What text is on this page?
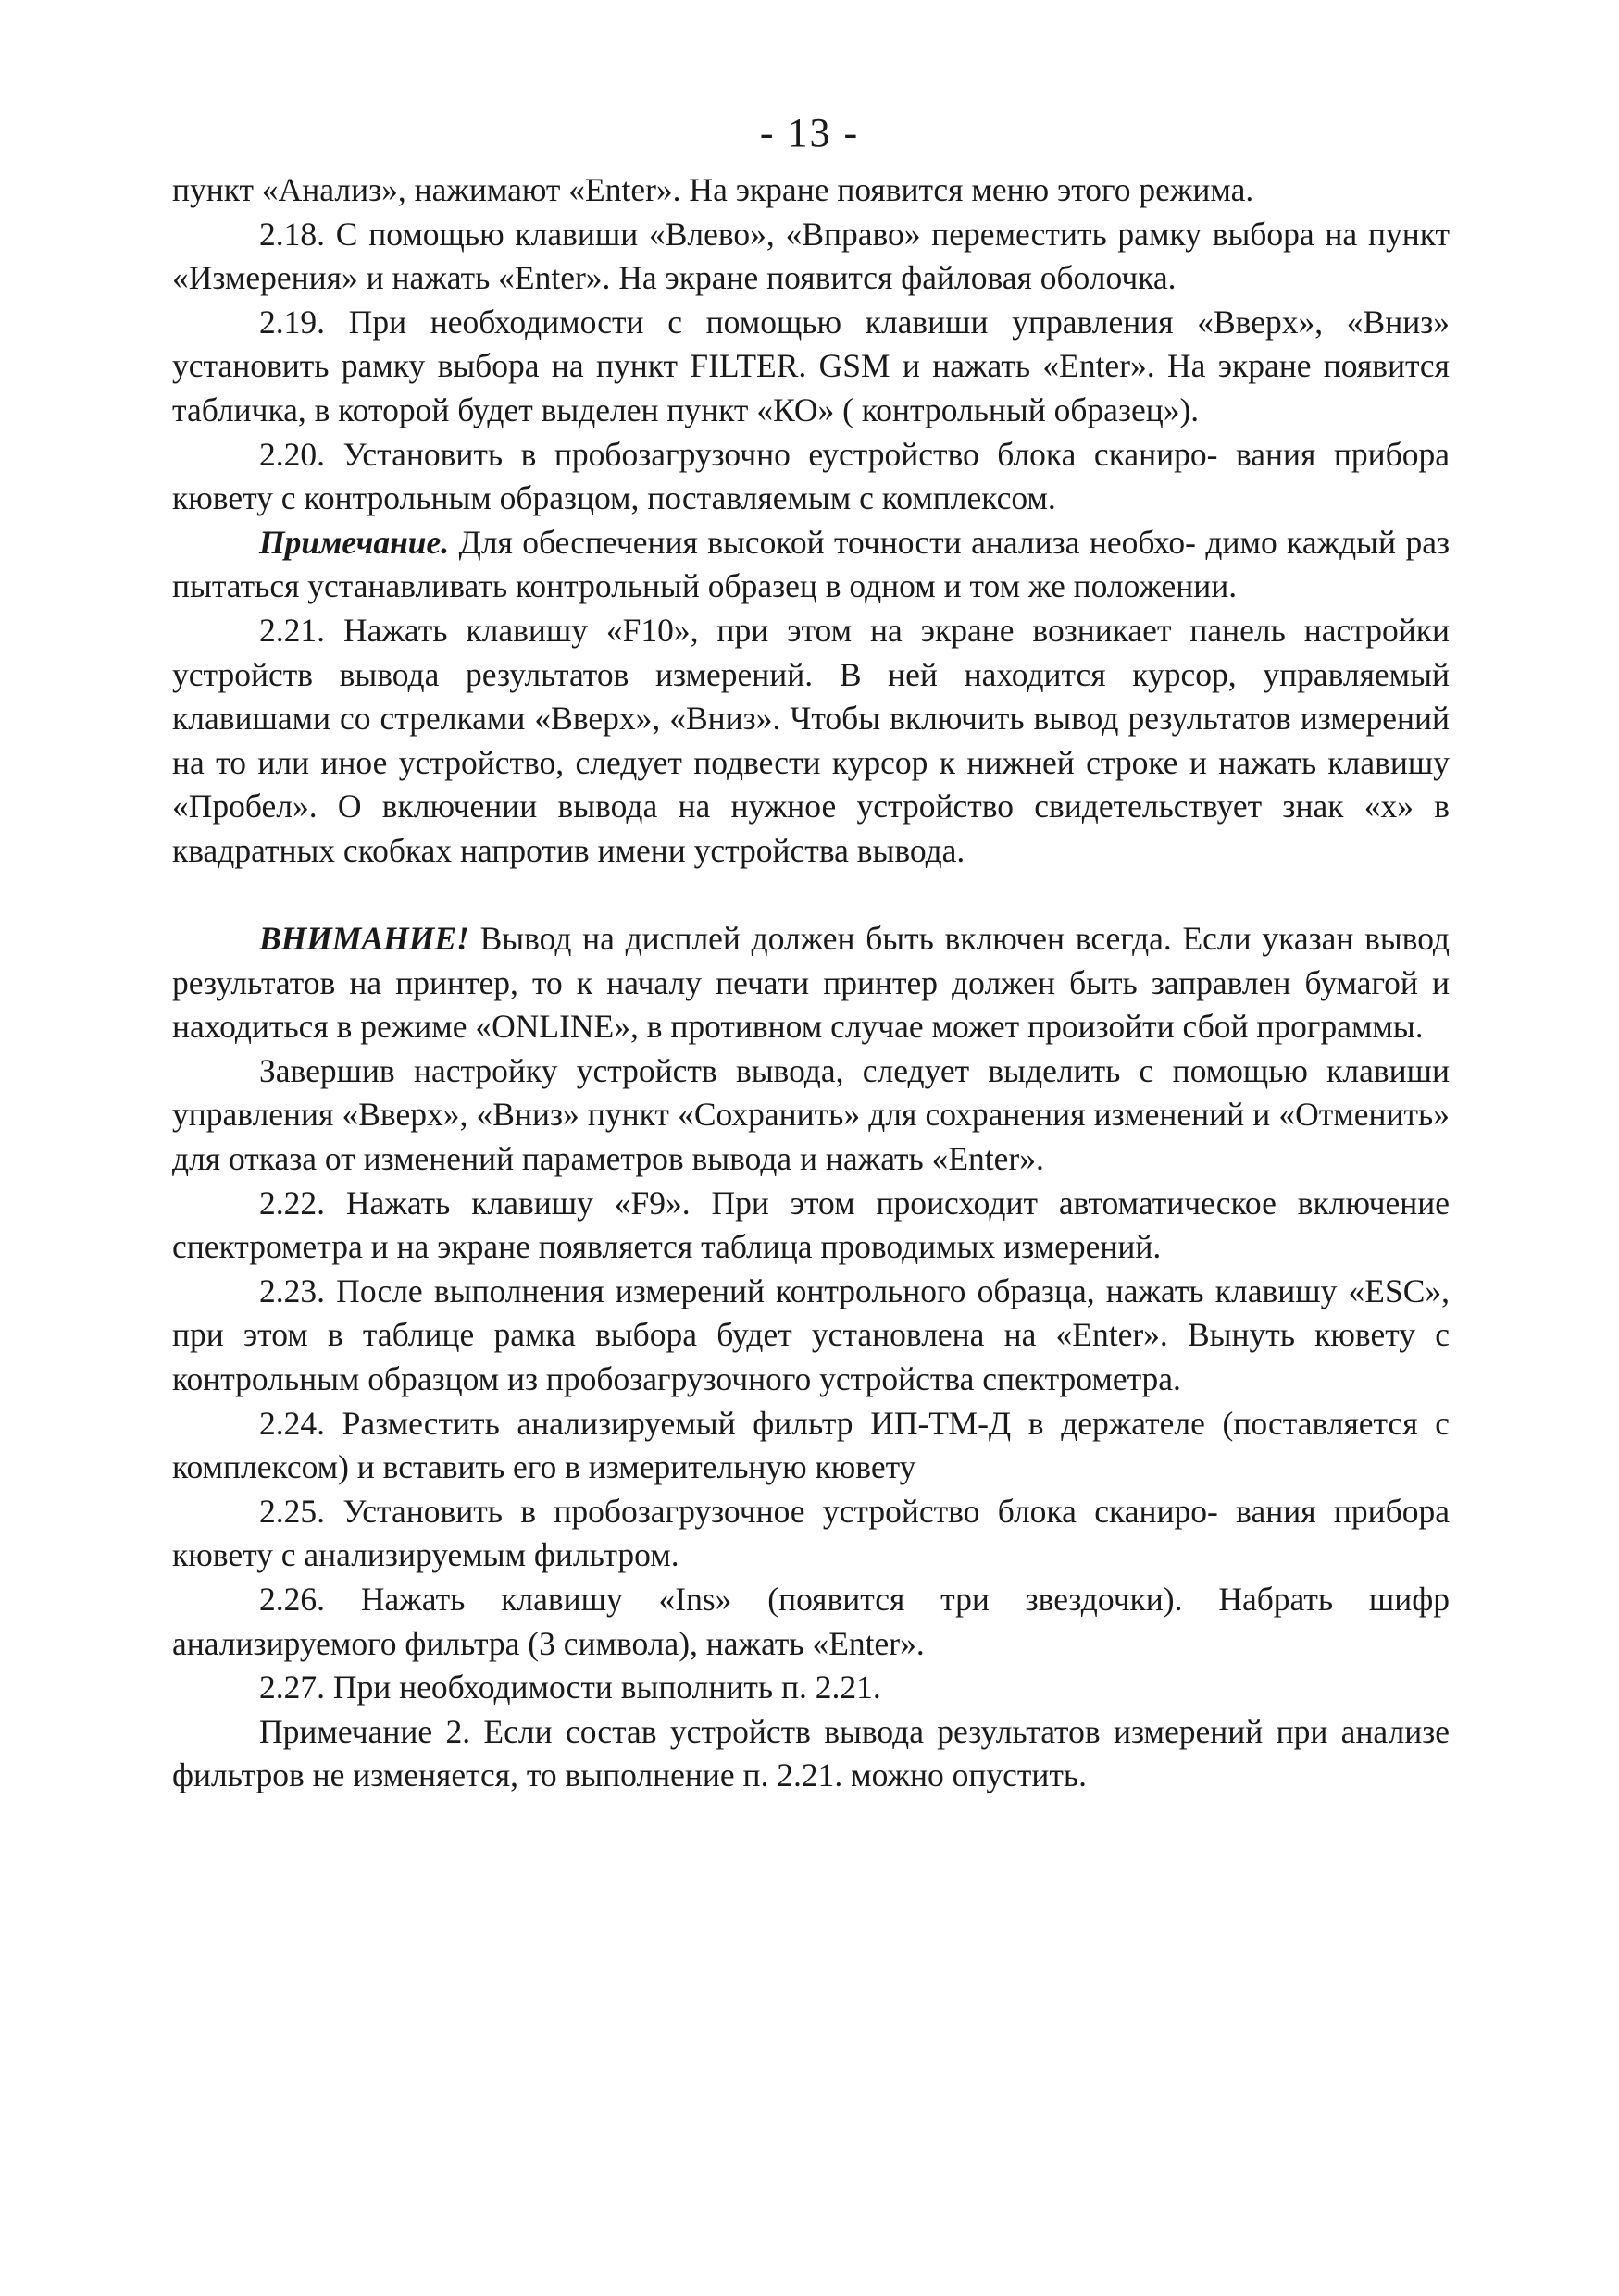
- 13 -

пункт «Анализ», нажимают «Enter». На экране появится меню этого режима.

2.18. С помощью клавиши «Влево», «Вправо» переместить рамку выбора на пункт «Измерения» и нажать «Enter». На экране появится файловая оболочка.

2.19. При необходимости с помощью клавиши управления «Вверх», «Вниз» установить рамку выбора на пункт FILTER. GSM и нажать «Enter». На экране появится табличка, в которой будет выделен пункт «КО» ( контрольный образец»).

2.20. Установить в пробозагрузочно еустройство блока сканиро- вания прибора кювету с контрольным образцом, поставляемым с комплексом.

Примечание. Для обеспечения высокой точности анализа необхо- димо каждый раз пытаться устанавливать контрольный образец в одном и том же положении.

2.21. Нажать клавишу «F10», при этом на экране возникает панель настройки устройств вывода результатов измерений. В ней находится курсор, управляемый клавишами со стрелками «Вверх», «Вниз». Чтобы включить вывод результатов измерений на то или иное устройство, следует подвести курсор к нижней строке и нажать клавишу «Пробел». О включении вывода на нужное устройство свидетельствует знак «х» в квадратных скобках напротив имени устройства вывода.

ВНИМАНИЕ! Вывод на дисплей должен быть включен всегда. Если указан вывод результатов на принтер, то к началу печати принтер должен быть заправлен бумагой и находиться в режиме «ONLINE», в противном случае может произойти сбой программы.

Завершив настройку устройств вывода, следует выделить с помощью клавиши управления «Вверх», «Вниз» пункт «Сохранить» для сохранения изменений и «Отменить» для отказа от изменений параметров вывода и нажать «Enter».

2.22. Нажать клавишу «F9». При этом происходит автоматическое включение спектрометра и на экране появляется таблица проводимых измерений.

2.23. После выполнения измерений контрольного образца, нажать клавишу «ESC», при этом в таблице рамка выбора будет установлена на «Enter». Вынуть кювету с контрольным образцом из пробозагрузочного устройства спектрометра.

2.24. Разместить анализируемый фильтр ИП-ТМ-Д в держателе (поставляется с комплексом) и вставить его в измерительную кювету

2.25. Установить в пробозагрузочное устройство блока сканиро- вания прибора кювету с анализируемым фильтром.

2.26. Нажать клавишу «Ins» (появится три звездочки). Набрать шифр анализируемого фильтра (3 символа), нажать «Enter».

2.27. При необходимости выполнить п. 2.21.

Примечание 2. Если состав устройств вывода результатов измерений при анализе фильтров не изменяется, то выполнение п. 2.21. можно опустить.
